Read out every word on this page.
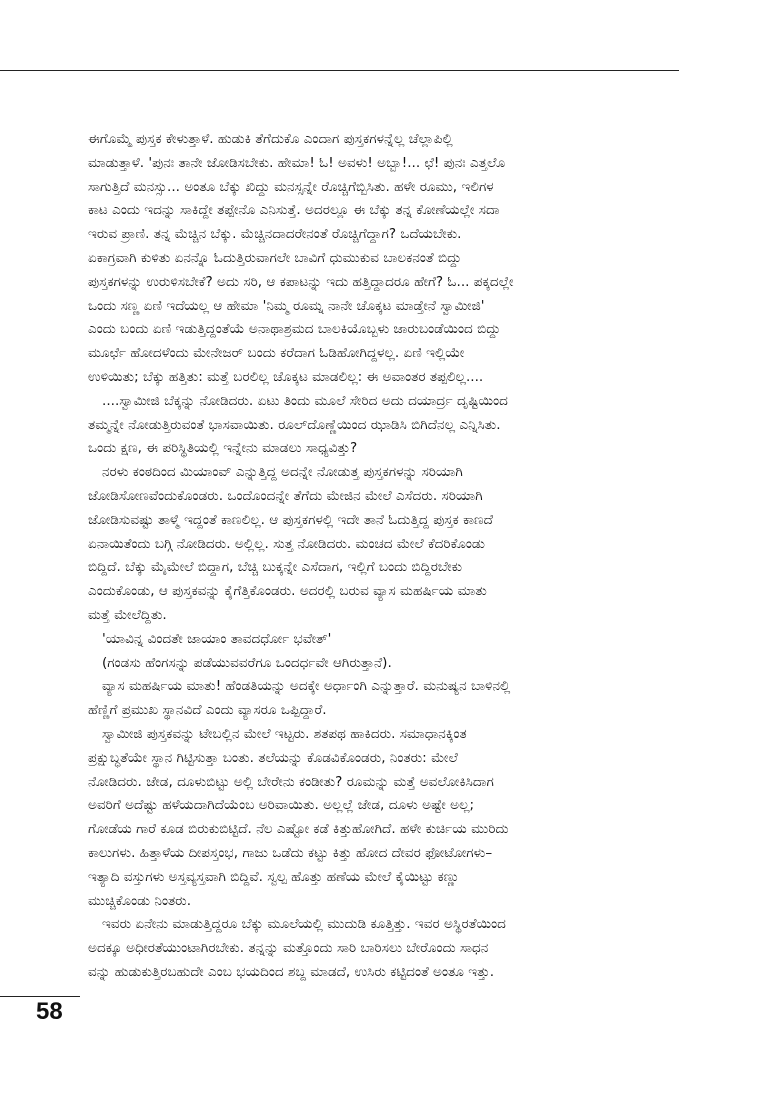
ಈಗೊಮ್ಮೆ ಪುಸ್ತಕ ಕೇಳುತ್ತಾಳೆ. ಹುಡುಕಿ ತೆಗೆದುಕೊ ಎಂದಾಗ ಪುಸ್ತಕಗಳನ್ನೆಲ್ಲ ಚೆಲ್ಲಾಪಿಲ್ಲಿ
ಮಾಡುತ್ತಾಳೆ. 'ಪುನಃ ತಾನೇ ಜೋಡಿಸಬೇಕು. ಹೇಮಾ! ಓ! ಅವಳು! ಅಬ್ಬಾ!... ಛೆ! ಪುನಃ ಎತ್ತಲೊ
ಸಾಗುತ್ತಿದೆ ಮನಸ್ಸು... ಅಂತೂ ಬೆಕ್ಕು ಖಿದ್ದು ಮನಸ್ಸನ್ನೇ ರೊಚ್ಚಿಗೆಬ್ಬಿಸಿತು. ಹಳೇ ರೂಮು, ಇಲಿಗಳ
ಕಾಟ ಎಂದು ಇದನ್ನು ಸಾಕಿದ್ದೇ ತಪ್ಪೇನೊ ಎನಿಸುತ್ತೆ. ಅದರಲ್ಲೂ ಈ ಬೆಕ್ಕು ತನ್ನ ಕೋಣೆಯಲ್ಲೇ ಸದಾ
ಇರುವ ಪ್ರಾಣಿ. ತನ್ನ ಮೆಚ್ಚಿನ ಬೆಕ್ಕು. ಮೆಚ್ಚಿನದಾದರೇನಂತೆ ರೊಚ್ಚಿಗೆದ್ದಾಗ? ಒದೆಯಬೇಕು.
ಏಕಾಗ್ರವಾಗಿ ಕುಳಿತು ಏನನ್ನೊ ಓದುತ್ತಿರುವಾಗಲೇ ಬಾವಿಗೆ ಧುಮುಕುವ ಬಾಲಕನಂತೆ ಬಿದ್ದು
ಪುಸ್ತಕಗಳನ್ನು ಉರುಳಿಸಬೇಕೆ? ಅದು ಸರಿ, ಆ ಕಪಾಟನ್ನು ಇದು ಹತ್ತಿದ್ದಾದರೂ ಹೇಗೆ? ಓ... ಪಕ್ಕದಲ್ಲೇ
ಒಂದು ಸಣ್ಣ ಏಣಿ ಇದೆಯಲ್ಲ ಆ ಹೇಮಾ 'ನಿಮ್ಮ ರೂಮ್ನ ನಾನೇ ಚೊಕ್ಕಟ ಮಾಡ್ತೇನೆ ಸ್ವಾಮೀಜಿ'
ಎಂದು ಬಂದು ಏಣಿ ಇಡುತ್ತಿದ್ದಂತೆಯೆ ಅನಾಥಾಶ್ರಮದ ಬಾಲಕಿಯೊಬ್ಬಳು ಜಾರುಬಂಡೆಯಿಂದ ಬಿದ್ದು
ಮೂರ್ಛೆ ಹೋದಳೆಂದು ಮೇನೇಜರ್ ಬಂದು ಕರೆದಾಗ ಓಡಿಹೋಗಿದ್ದಳಲ್ಲ. ಏಣಿ ಇಲ್ಲಿಯೇ
ಉಳಿಯಿತು; ಬೆಕ್ಕು ಹತ್ತಿತು: ಮತ್ತೆ ಬರಲಿಲ್ಲ ಚೊಕ್ಕಟ ಮಾಡಲಿಲ್ಲ: ಈ ಅವಾಂತರ ತಪ್ಪಲಿಲ್ಲ....

....ಸ್ವಾಮೀಜಿ ಬೆಕ್ಕನ್ನು ನೋಡಿದರು. ಏಟು ತಿಂದು ಮೂಲೆ ಸೇರಿದ ಅದು ದಯಾರ್ದ್ರ ದೃಷ್ಟಿಯಿಂದ
ತಮ್ಮನ್ನೇ ನೋಡುತ್ತಿರುವಂತೆ ಭಾಸವಾಯಿತು. ರೂಲ್‌ದೊಣ್ಣೆಯಿಂದ ಝಾಡಿಸಿ ಬಿಗಿದೆನಲ್ಲ ಎನ್ನಿಸಿತು.
ಒಂದು ಕ್ಷಣ, ಈ ಪರಿಸ್ಥಿತಿಯಲ್ಲಿ ಇನ್ನೇನು ಮಾಡಲು ಸಾಧ್ಯವಿತ್ತು?

ನರಳು ಕಂಠದಿಂದ ಮಿಯಾಂವ್ ಎನ್ನುತ್ತಿದ್ದ ಅದನ್ನೇ ನೋಡುತ್ತ ಪುಸ್ತಕಗಳನ್ನು ಸರಿಯಾಗಿ
ಜೋಡಿಸೋಣವೆಂದುಕೊಂಡರು. ಒಂದೊಂದನ್ನೇ ತೆಗೆದು ಮೇಜಿನ ಮೇಲೆ ಎಸೆದರು. ಸರಿಯಾಗಿ
ಜೋಡಿಸುವಷ್ಟು ತಾಳ್ಮೆ ಇದ್ದಂತೆ ಕಾಣಲಿಲ್ಲ. ಆ ಪುಸ್ತಕಗಳಲ್ಲಿ ಇದೇ ತಾನೆ ಓದುತ್ತಿದ್ದ ಪುಸ್ತಕ ಕಾಣದೆ
ಏನಾಯಿತೆಂದು ಬಗ್ಗಿ ನೋಡಿದರು. ಅಲ್ಲಿಲ್ಲ. ಸುತ್ತ ನೋಡಿದರು. ಮಂಚದ ಮೇಲೆ ಕೆದರಿಕೊಂಡು
ಬಿದ್ದಿದೆ. ಬೆಕ್ಕು ಮೈಮೇಲೆ ಬಿದ್ದಾಗ, ಬೆಚ್ಚಿ ಬುಕ್ಕನ್ನೇ ಎಸೆದಾಗ, ಇಲ್ಲಿಗೆ ಬಂದು ಬಿದ್ದಿರಬೇಕು
ಎಂದುಕೊಂಡು, ಆ ಪುಸ್ತಕವನ್ನು ಕೈಗೆತ್ತಿಕೊಂಡರು. ಅದರಲ್ಲಿ ಬರುವ ವ್ಯಾಸ ಮಹರ್ಷಿಯ ಮಾತು
ಮತ್ತೆ ಮೇಲೆದ್ದಿತು.

'ಯಾವಿನ್ನ ವಿಂದತೇ ಜಾಯಾಂ ತಾವದರ್ಧೋ ಭವೇತ್'
(ಗಂಡಸು ಹೆಂಗಸನ್ನು ಪಡೆಯುವವರೆಗೂ ಒಂದರ್ಧವೇ ಆಗಿರುತ್ತಾನೆ).

ವ್ಯಾಸ ಮಹರ್ಷಿಯ ಮಾತು! ಹೆಂಡತಿಯನ್ನು ಅದಕ್ಕೇ ಅರ್ಧಾಂಗಿ ಎನ್ನುತ್ತಾರೆ. ಮನುಷ್ಯನ ಬಾಳಿನಲ್ಲಿ
ಹೆಣ್ಣಿಗೆ ಪ್ರಮುಖ ಸ್ಥಾನವಿದೆ ಎಂದು ವ್ಯಾಸರೂ ಒಪ್ಪಿದ್ದಾರೆ.

ಸ್ವಾಮೀಜಿ ಪುಸ್ತಕವನ್ನು ಟೇಬಲ್ಲಿನ ಮೇಲೆ ಇಟ್ಟರು. ಶತಪಥ ಹಾಕಿದರು. ಸಮಾಧಾನಕ್ಕಿಂತ
ಪ್ರಕ್ಷುಬ್ಧತೆಯೇ ಸ್ಥಾನ ಗಿಟ್ಟಿಸುತ್ತಾ ಬಂತು. ತಲೆಯನ್ನು ಕೊಡವಿಕೊಂಡರು, ನಿಂತರು: ಮೇಲೆ
ನೋಡಿದರು. ಜೇಡ, ದೂಳುಬಿಟ್ಟು ಅಲ್ಲಿ ಬೇರೇನು ಕಂಡೀತು? ರೂಮನ್ನು ಮತ್ತೆ ಅವಲೋಕಿಸಿದಾಗ
ಅವರಿಗೆ ಅದೆಷ್ಟು ಹಳೆಯದಾಗಿದೆಯೆಂಬ ಅರಿವಾಯಿತು. ಅಲ್ಲಲ್ಲೆ ಜೇಡ, ದೂಳು ಅಷ್ಟೇ ಅಲ್ಲ;
ಗೋಡೆಯ ಗಾರೆ ಕೂಡ ಬಿರುಕುಬಿಟ್ಟಿದೆ. ನೆಲ ಎಷ್ಟೋ ಕಡೆ ಕಿತ್ತುಹೋಗಿದೆ. ಹಳೇ ಕುರ್ಚಿಯ ಮುರಿದು
ಕಾಲುಗಳು. ಹಿತ್ತಾಳೆಯ ದೀಪಸ್ತಂಭ, ಗಾಜು ಒಡೆದು ಕಟ್ಟು ಕಿತ್ತು ಹೋದ ದೇವರ ಫೋಟೋಗಳು–
ಇತ್ಯಾದಿ ವಸ್ತುಗಳು ಅಸ್ತವ್ಯಸ್ತವಾಗಿ ಬಿದ್ದಿವೆ. ಸ್ವಲ್ಪ ಹೊತ್ತು ಹಣೆಯ ಮೇಲೆ ಕೈಯಿಟ್ಟು ಕಣ್ಣು
ಮುಚ್ಚಿಕೊಂಡು ನಿಂತರು.

ಇವರು ಏನೇನು ಮಾಡುತ್ತಿದ್ದರೂ ಬೆಕ್ಕು ಮೂಲೆಯಲ್ಲಿ ಮುದುಡಿ ಕೂತ್ತಿತ್ತು. ಇವರ ಅಸ್ಥಿರತೆಯಿಂದ
ಅದಕ್ಕೂ ಅಧೀರತೆಯುಂಟಾಗಿರಬೇಕು. ತನ್ನನ್ನು ಮತ್ತೊಂದು ಸಾರಿ ಬಾರಿಸಲು ಬೇರೊಂದು ಸಾಧನ
ವನ್ನು ಹುಡುಕುತ್ತಿರಬಹುದೇ ಎಂಬ ಭಯದಿಂದ ಶಬ್ದ ಮಾಡದೆ, ಉಸಿರು ಕಟ್ಟಿದಂತೆ ಅಂತೂ ಇತ್ತು.

58
